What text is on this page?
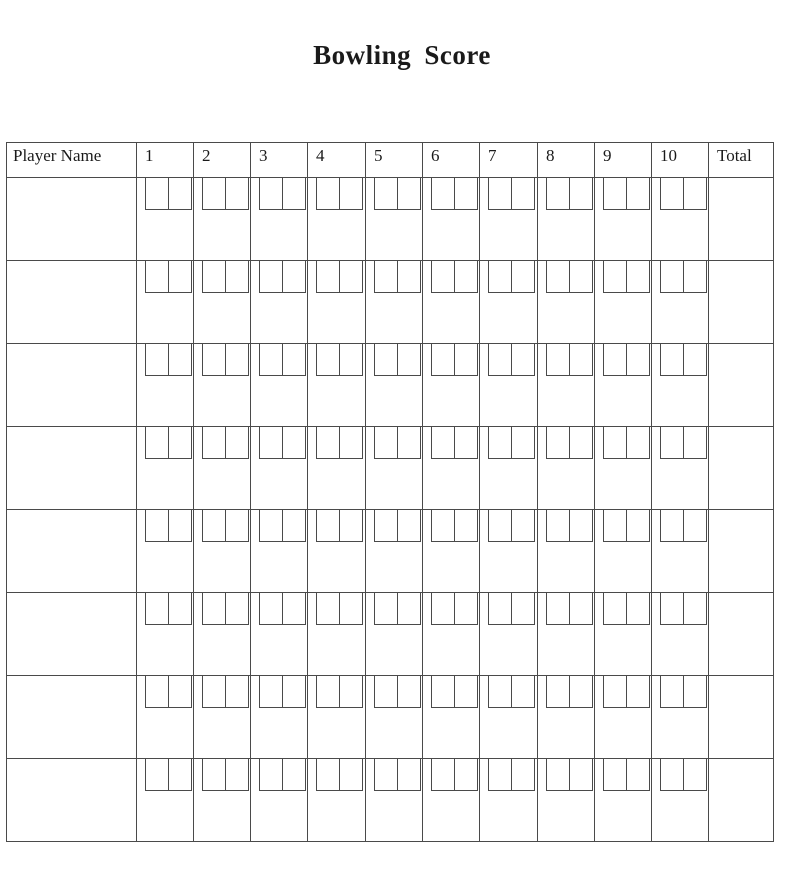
Bowling Score
Player Name	1	2	3	4	5	6	7	8	9	10	Total
